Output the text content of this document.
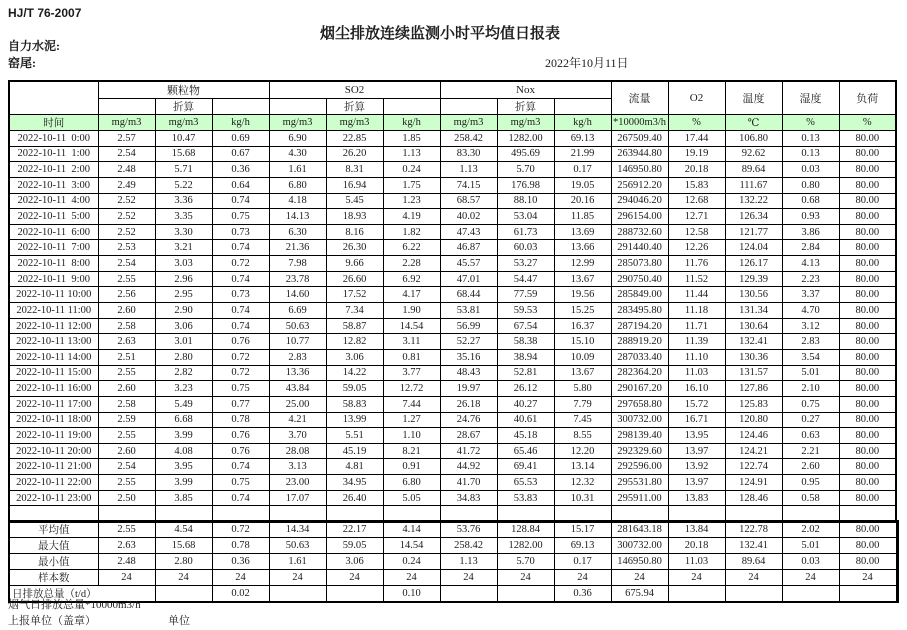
HJ/T 76-2007
烟尘排放连续监测小时平均值日报表
自力水泥:
窑尾:	2022年10月11日
	颗粒物			SO2			Nox			流量	O2	温度	湿度	负荷
		折算			折算			折算						
时间	mg/m3	mg/m3	kg/h	mg/m3	mg/m3	kg/h	mg/m3	mg/m3	kg/h	*10000m3/h	%	℃	%	%
2022-10-11  0:00	2.57	10.47	0.69	6.90	22.85	1.85	258.42	1282.00	69.13	267509.40	17.44	106.80	0.13	80.00
2022-10-11  1:00	2.54	15.68	0.67	4.30	26.20	1.13	83.30	495.69	21.99	263944.80	19.19	92.62	0.13	80.00
2022-10-11  2:00	2.48	5.71	0.36	1.61	8.31	0.24	1.13	5.70	0.17	146950.80	20.18	89.64	0.03	80.00
2022-10-11  3:00	2.49	5.22	0.64	6.80	16.94	1.75	74.15	176.98	19.05	256912.20	15.83	111.67	0.80	80.00
2022-10-11  4:00	2.52	3.36	0.74	4.18	5.45	1.23	68.57	88.10	20.16	294046.20	12.68	132.22	0.68	80.00
2022-10-11  5:00	2.52	3.35	0.75	14.13	18.93	4.19	40.02	53.04	11.85	296154.00	12.71	126.34	0.93	80.00
2022-10-11  6:00	2.52	3.30	0.73	6.30	8.16	1.82	47.43	61.73	13.69	288732.60	12.58	121.77	3.86	80.00
2022-10-11  7:00	2.53	3.21	0.74	21.36	26.30	6.22	46.87	60.03	13.66	291440.40	12.26	124.04	2.84	80.00
2022-10-11  8:00	2.54	3.03	0.72	7.98	9.66	2.28	45.57	53.27	12.99	285073.80	11.76	126.17	4.13	80.00
2022-10-11  9:00	2.55	2.96	0.74	23.78	26.60	6.92	47.01	54.47	13.67	290750.40	11.52	129.39	2.23	80.00
2022-10-11 10:00	2.56	2.95	0.73	14.60	17.52	4.17	68.44	77.59	19.56	285849.00	11.44	130.56	3.37	80.00
2022-10-11 11:00	2.60	2.90	0.74	6.69	7.34	1.90	53.81	59.53	15.25	283495.80	11.18	131.34	4.70	80.00
2022-10-11 12:00	2.58	3.06	0.74	50.63	58.87	14.54	56.99	67.54	16.37	287194.20	11.71	130.64	3.12	80.00
2022-10-11 13:00	2.63	3.01	0.76	10.77	12.82	3.11	52.27	58.38	15.10	288919.20	11.39	132.41	2.83	80.00
2022-10-11 14:00	2.51	2.80	0.72	2.83	3.06	0.81	35.16	38.94	10.09	287033.40	11.10	130.36	3.54	80.00
2022-10-11 15:00	2.55	2.82	0.72	13.36	14.22	3.77	48.43	52.81	13.67	282364.20	11.03	131.57	5.01	80.00
2022-10-11 16:00	2.60	3.23	0.75	43.84	59.05	12.72	19.97	26.12	5.80	290167.20	16.10	127.86	2.10	80.00
2022-10-11 17:00	2.58	5.49	0.77	25.00	58.83	7.44	26.18	40.27	7.79	297658.80	15.72	125.83	0.75	80.00
2022-10-11 18:00	2.59	6.68	0.78	4.21	13.99	1.27	24.76	40.61	7.45	300732.00	16.71	120.80	0.27	80.00
2022-10-11 19:00	2.55	3.99	0.76	3.70	5.51	1.10	28.67	45.18	8.55	298139.40	13.95	124.46	0.63	80.00
2022-10-11 20:00	2.60	4.08	0.76	28.08	45.19	8.21	41.72	65.46	12.20	292329.60	13.97	124.21	2.21	80.00
2022-10-11 21:00	2.54	3.95	0.74	3.13	4.81	0.91	44.92	69.41	13.14	292596.00	13.92	122.74	2.60	80.00
2022-10-11 22:00	2.55	3.99	0.75	23.00	34.95	6.80	41.70	65.53	12.32	295531.80	13.97	124.91	0.95	80.00
2022-10-11 23:00	2.50	3.85	0.74	17.07	26.40	5.05	34.83	53.83	10.31	295911.00	13.83	128.46	0.58	80.00

平均值	2.55	4.54	0.72	14.34	22.17	4.14	53.76	128.84	15.17	281643.18	13.84	122.78	2.02	80.00	
最大值	2.63	15.68	0.78	50.63	59.05	14.54	258.42	1282.00	69.13	300732.00	20.18	132.41	5.01	80.00	
最小值	2.48	2.80	0.36	1.61	3.06	0.24	1.13	5.70	0.17	146950.80	11.03	89.64	0.03	80.00	
样本数	24	24	24	24	24	24	24	24	24	24	24	24	24	24	
日排放总量（t/d）			0.02			0.10			0.36	675.94					
烟气日排放总量*10000m3/h
上报单位（盖章）	单位
